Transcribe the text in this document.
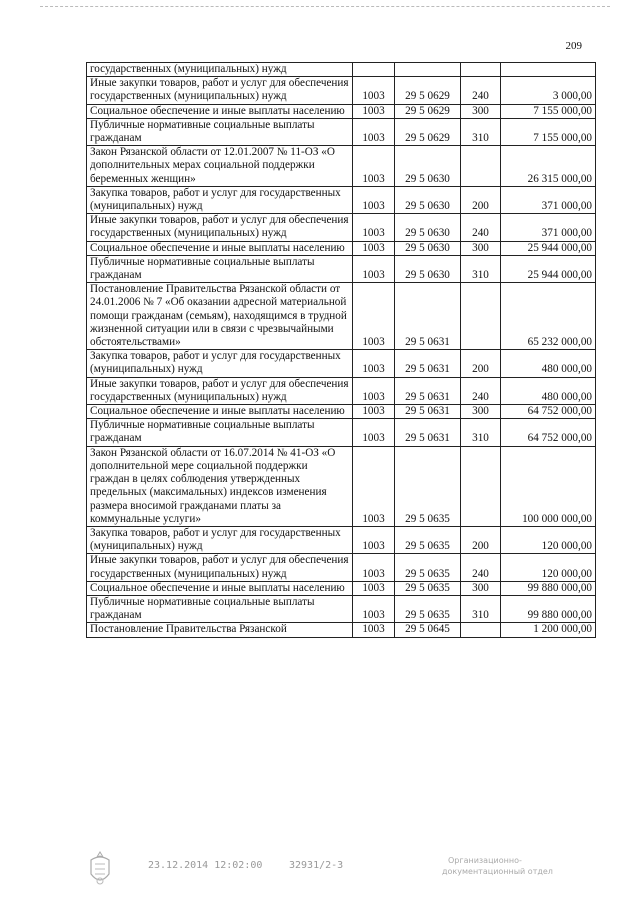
209
государственных (муниципальных) нужд				
Иные закупки товаров, работ и услуг для обеспечения государственных (муниципальных) нужд	1003	29 5 0629	240	3 000,00
Социальное обеспечение и иные выплаты населению	1003	29 5 0629	300	7 155 000,00
Публичные нормативные социальные выплаты гражданам	1003	29 5 0629	310	7 155 000,00
Закон Рязанской области от 12.01.2007 № 11-ОЗ «О дополнительных мерах социальной поддержки беременных женщин»	1003	29 5 0630		26 315 000,00
Закупка товаров, работ и услуг для государственных (муниципальных) нужд	1003	29 5 0630	200	371 000,00
Иные закупки товаров, работ и услуг для обеспечения государственных (муниципальных) нужд	1003	29 5 0630	240	371 000,00
Социальное обеспечение и иные выплаты населению	1003	29 5 0630	300	25 944 000,00
Публичные нормативные социальные выплаты гражданам	1003	29 5 0630	310	25 944 000,00
Постановление Правительства Рязанской области от 24.01.2006 № 7 «Об оказании адресной материальной помощи гражданам (семьям), находящимся в трудной жизненной ситуации или в связи с чрезвычайными обстоятельствами»	1003	29 5 0631		65 232 000,00
Закупка товаров, работ и услуг для государственных (муниципальных) нужд	1003	29 5 0631	200	480 000,00
Иные закупки товаров, работ и услуг для обеспечения государственных (муниципальных) нужд	1003	29 5 0631	240	480 000,00
Социальное обеспечение и иные выплаты населению	1003	29 5 0631	300	64 752 000,00
Публичные нормативные социальные выплаты гражданам	1003	29 5 0631	310	64 752 000,00
Закон Рязанской области от 16.07.2014 № 41-ОЗ «О дополнительной мере социальной поддержки граждан в целях соблюдения утвержденных предельных (максимальных) индексов изменения размера вносимой гражданами платы за коммунальные услуги»	1003	29 5 0635		100 000 000,00
Закупка товаров, работ и услуг для государственных (муниципальных) нужд	1003	29 5 0635	200	120 000,00
Иные закупки товаров, работ и услуг для обеспечения государственных (муниципальных) нужд	1003	29 5 0635	240	120 000,00
Социальное обеспечение и иные выплаты населению	1003	29 5 0635	300	99 880 000,00
Публичные нормативные социальные выплаты гражданам	1003	29 5 0635	310	99 880 000,00
Постановление Правительства Рязанской	1003	29 5 0645		1 200 000,00
23.12.2014 12:02:00	32931/2-3	Организационно-
документационный отдел
